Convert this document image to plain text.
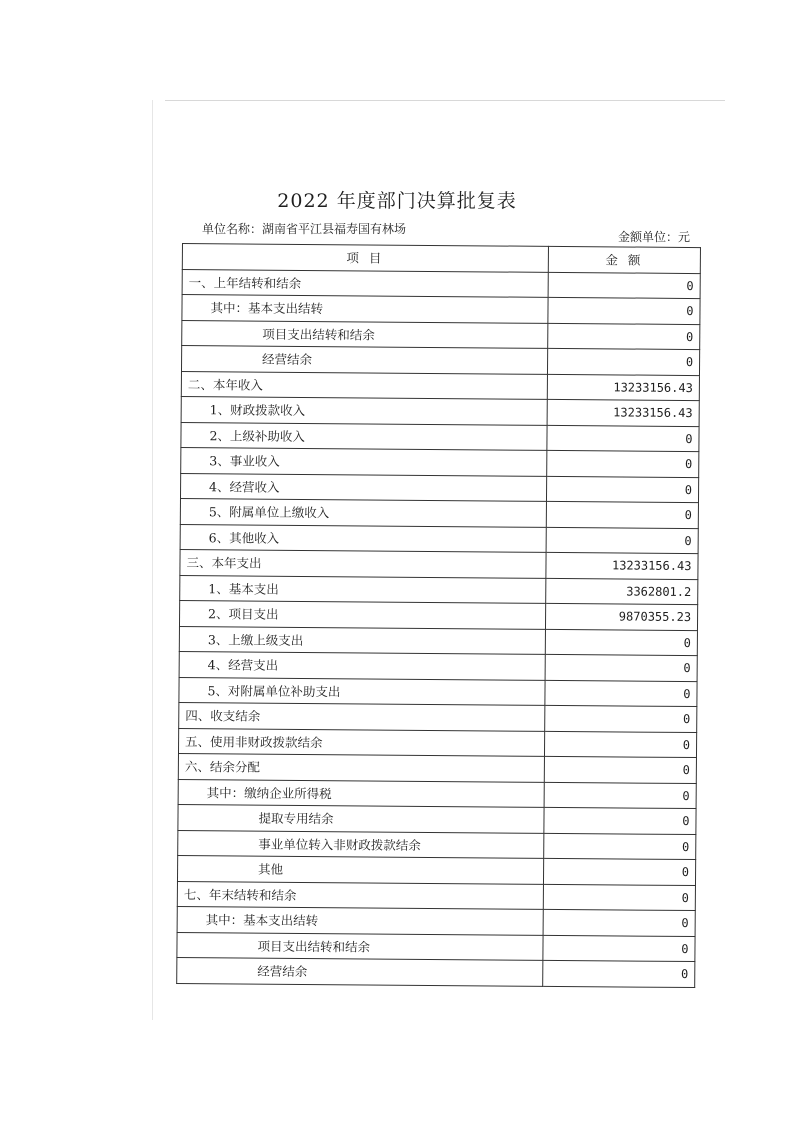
2022 年度部门决算批复表
单位名称：湖南省平江县福寿国有林场
金额单位：元
项 目	金 额
一、上年结转和结余	0
其中：基本支出结转	0
项目支出结转和结余	0
经营结余	0
二、本年收入	13233156.43
1、财政拨款收入	13233156.43
2、上级补助收入	0
3、事业收入	0
4、经营收入	0
5、附属单位上缴收入	0
6、其他收入	0
三、本年支出	13233156.43
1、基本支出	3362801.2
2、项目支出	9870355.23
3、上缴上级支出	0
4、经营支出	0
5、对附属单位补助支出	0
四、收支结余	0
五、使用非财政拨款结余	0
六、结余分配	0
其中：缴纳企业所得税	0
提取专用结余	0
事业单位转入非财政拨款结余	0
其他	0
七、年末结转和结余	0
其中：基本支出结转	0
项目支出结转和结余	0
经营结余	0
